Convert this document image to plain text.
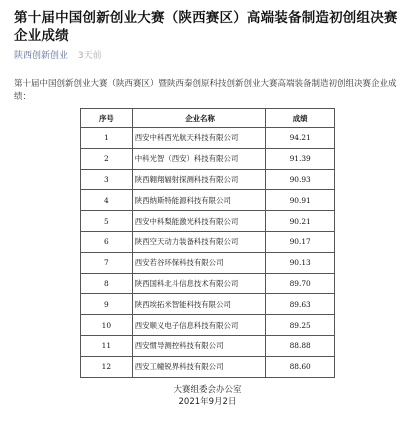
第十届中国创新创业大赛（陕西赛区）高端装备制造初创组决赛企业成绩
陕西创新创业 3天前
第十届中国创新创业大赛（陕西赛区）暨陕西秦创原科技创新创业大赛高端装备制造初创组决赛企业成绩：
序号	企业名称	成绩
1	西安中科西光航天科技有限公司	94.21
2	中科光智（西安）科技有限公司	91.39
3	陕西翱翔辐射探测科技有限公司	90.93
4	陕西纳斯特能源科技有限公司	90.91
5	西安中科梨能激光科技有限公司	90.21
6	陕西空天动力装备科技有限公司	90.17
7	西安若谷环保科技有限公司	90.13
8	陕西国科北斗信息技术有限公司	89.70
9	陕西埃拓米智能科技有限公司	89.63
10	西安顺义电子信息科技有限公司	89.25
11	西安惯导测控科技有限公司	88.88
12	西安工幢锐界科技有限公司	88.60
大赛组委会办公室
2021年9月2日
